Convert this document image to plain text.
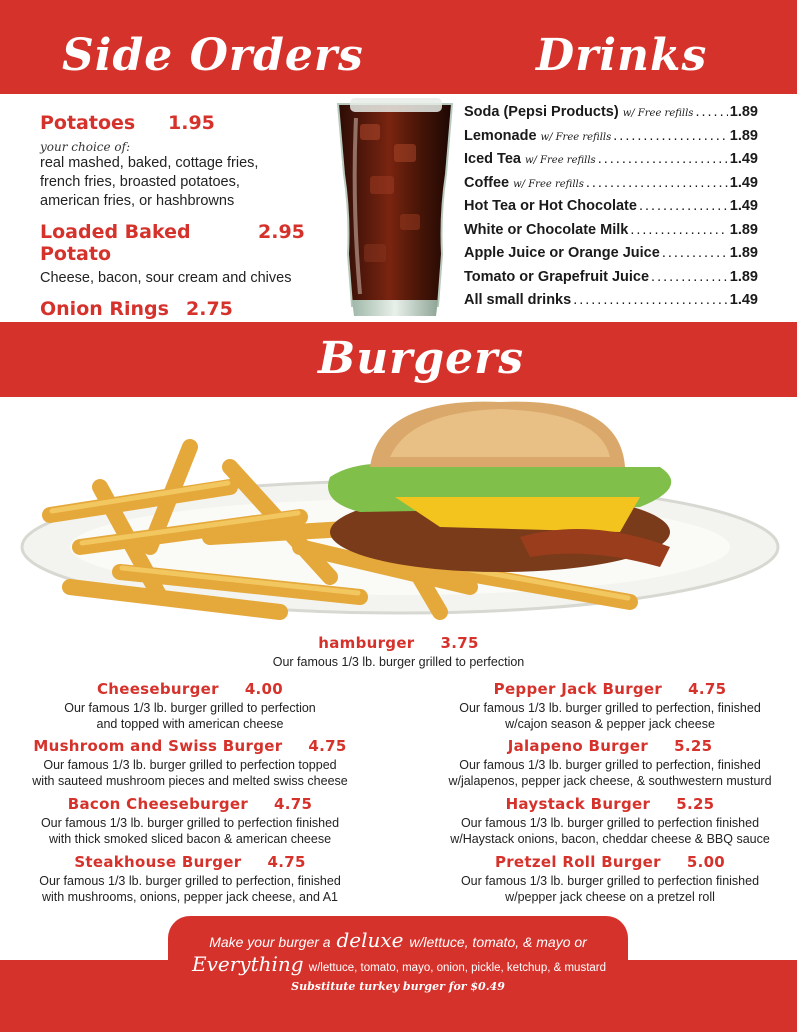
Side Orders	Drinks
Potatoes	1.95
your choice of:
real mashed, baked, cottage fries,
french fries, broasted potatoes,
american fries, or hashbrowns
Loaded Baked Potato
2.95
Cheese, bacon, sour cream and chives
Onion Rings 2.75
Soda (Pepsi Products) w/ Free refills .....	1.89
Lemonade w/ Free refills .....	1.89
Iced Tea w/ Free refills .....	1.49
Coffee w/ Free refills .....	1.49
Hot Tea or Hot Chocolate .....	1.49
White or Chocolate Milk .....	1.89
Apple Juice or Orange Juice .....	1.89
Tomato or Grapefruit Juice .....	1.89
All small drinks .....	1.49
Burgers
hamburger 3.75
Our famous 1/3 lb. burger grilled to perfection
Cheeseburger 4.00
Our famous 1/3 lb. burger grilled to perfection
and topped with american cheese
Mushroom and Swiss Burger 4.75
Our famous 1/3 lb. burger grilled to perfection topped
with sauteed mushroom pieces and melted swiss cheese
Bacon Cheeseburger 4.75
Our famous 1/3 lb. burger grilled to perfection finished
with thick smoked sliced bacon & american cheese
Steakhouse Burger 4.75
Our famous 1/3 lb. burger grilled to perfection, finished
with mushrooms, onions, pepper jack cheese, and A1
Pepper Jack Burger 4.75
Our famous 1/3 lb. burger grilled to perfection, finished
w/cajon season & pepper jack cheese
Jalapeno Burger 5.25
Our famous 1/3 lb. burger grilled to perfection, finished
w/jalapenos, pepper jack cheese, & southwestern musturd
Haystack Burger 5.25
Our famous 1/3 lb. burger grilled to perfection finished
w/Haystack onions, bacon, cheddar cheese & BBQ sauce
Pretzel Roll Burger 5.00
Our famous 1/3 lb. burger grilled to perfection finished
w/pepper jack cheese on a pretzel roll
Make your burger a deluxe w/lettuce, tomato, & mayo or
Everything w/lettuce, tomato, mayo, onion, pickle, ketchup, & mustard
Substitute turkey burger for $0.49
